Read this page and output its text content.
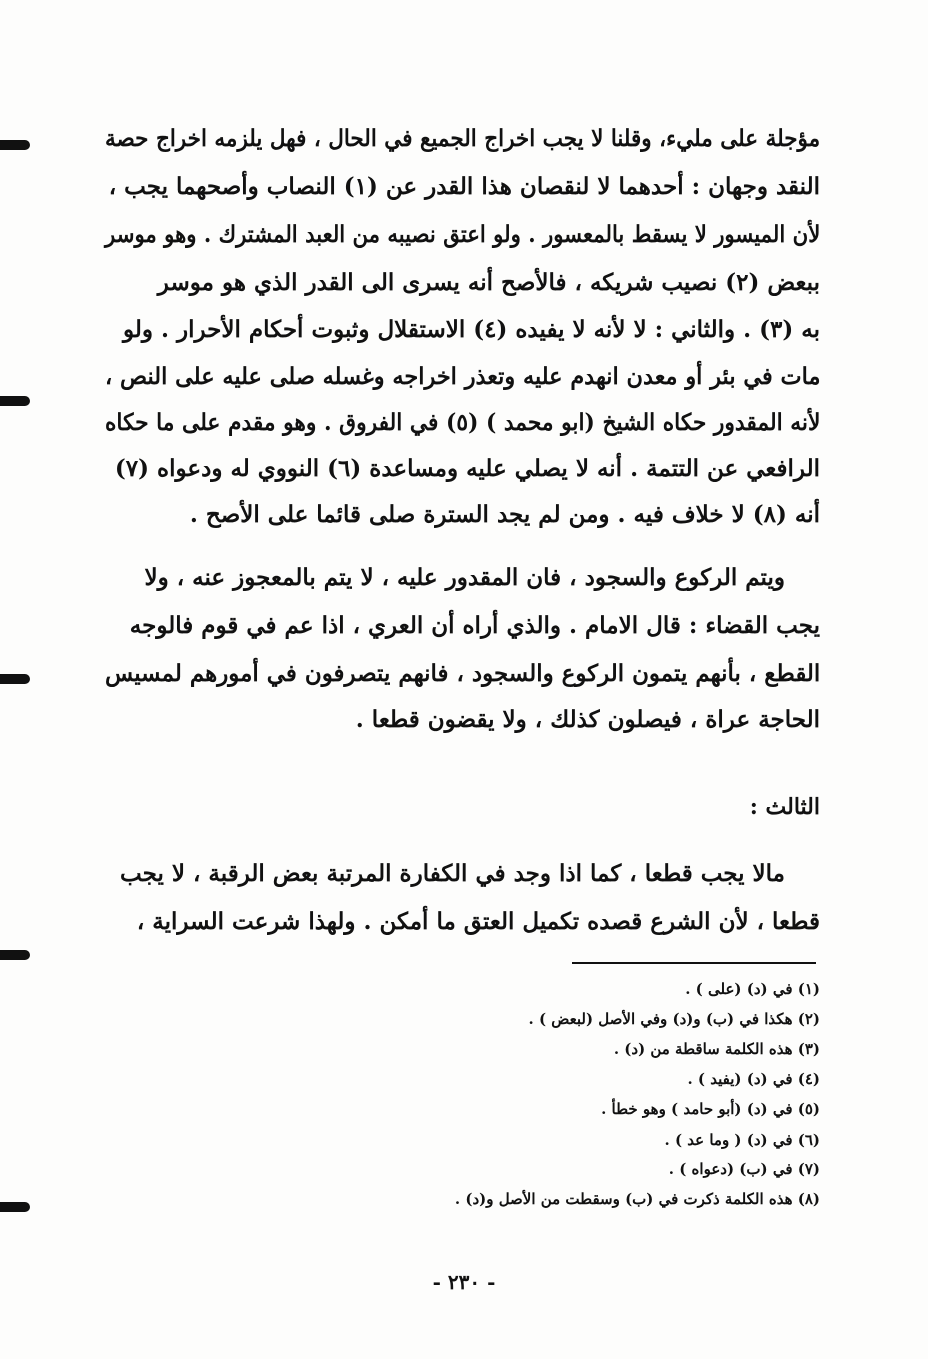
مؤجلة على مليء، وقلنا لا يجب اخراج الجميع في الحال ، فهل يلزمه اخراج حصة
النقد وجهان : أحدهما لا لنقصان هذا القدر عن (١) النصاب وأصحهما يجب ،
لأن الميسور لا يسقط بالمعسور . ولو اعتق نصيبه من العبد المشترك . وهو موسر
ببعض (٢) نصيب شريكه ، فالأصح أنه يسرى الى القدر الذي هو موسر
به (٣) . والثاني : لا لأنه لا يفيده (٤) الاستقلال وثبوت أحكام الأحرار . ولو
مات في بئر أو معدن انهدم عليه وتعذر اخراجه وغسله صلى عليه على النص ،
لأنه المقدور حكاه الشيخ (ابو محمد ) (٥) في الفروق . وهو مقدم على ما حكاه
الرافعي عن التتمة . أنه لا يصلي عليه ومساعدة (٦) النووي له ودعواه (٧)
أنه (٨) لا خلاف فيه . ومن لم يجد السترة صلى قائما على الأصح .
ويتم الركوع والسجود ، فان المقدور عليه ، لا يتم بالمعجوز عنه ، ولا
يجب القضاء : قال الامام . والذي أراه أن العري ، اذا عم في قوم فالوجه
القطع ، بأنهم يتمون الركوع والسجود ، فانهم يتصرفون في أمورهم لمسيس
الحاجة عراة ، فيصلون كذلك ، ولا يقضون قطعا .
الثالث :
مالا يجب قطعا ، كما اذا وجد في الكفارة المرتبة بعض الرقبة ، لا يجب
قطعا ، لأن الشرع قصده تكميل العتق ما أمكن . ولهذا شرعت السراية ،
(١) في (د) (على ) .
(٢) هكذا في (ب) و(د) وفي الأصل (لبعض ) .
(٣) هذه الكلمة ساقطة من (د) .
(٤) في (د) (يفيد ) .
(٥) في (د) (أبو حامد ) وهو خطأ .
(٦) في (د) ( وما عد ) .
(٧) في (ب) (دعواه ) .
(٨) هذه الكلمة ذكرت في (ب) وسقطت من الأصل و(د) .
- ٢٣٠ -
